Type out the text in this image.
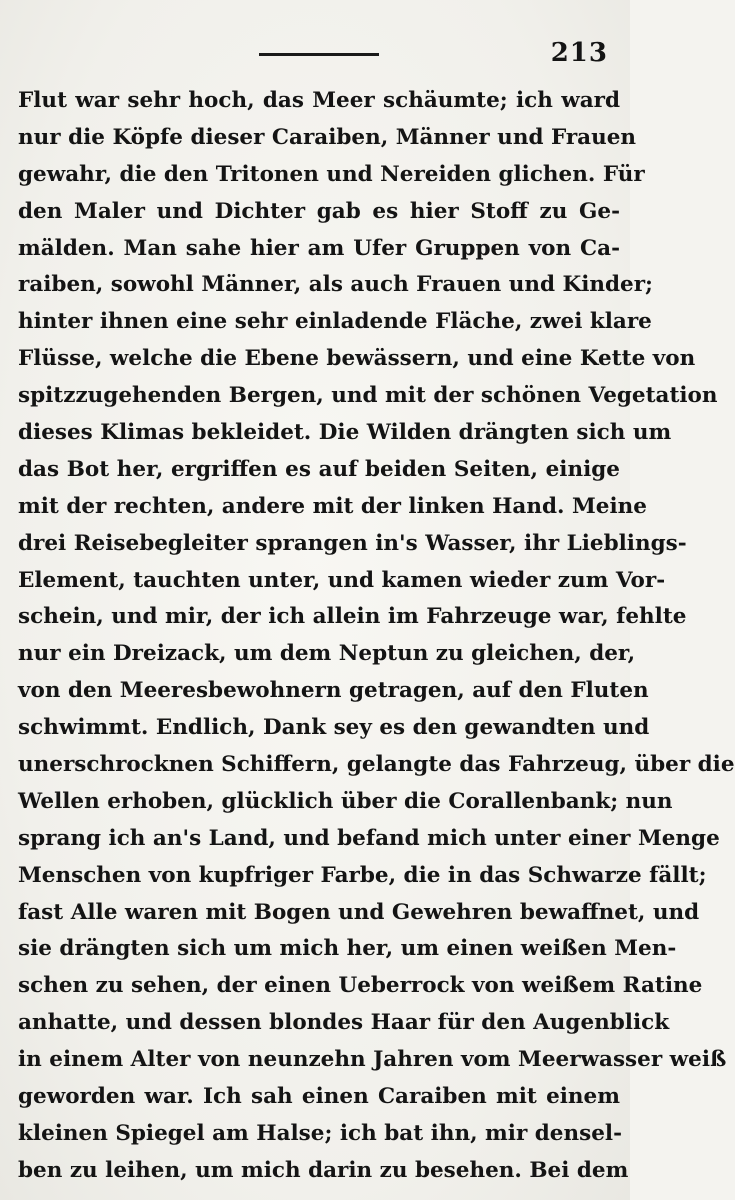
213
Flut war sehr hoch, das Meer schäumte; ich ward
nur die Köpfe dieser Caraiben, Männer und Frauen
gewahr, die den Tritonen und Nereiden glichen. Für
den Maler und Dichter gab es hier Stoff zu Ge-
mälden. Man sahe hier am Ufer Gruppen von Ca-
raiben, sowohl Männer, als auch Frauen und Kinder;
hinter ihnen eine sehr einladende Fläche, zwei klare
Flüsse, welche die Ebene bewässern, und eine Kette von
spitzzugehenden Bergen, und mit der schönen Vegetation
dieses Klimas bekleidet. Die Wilden drängten sich um
das Bot her, ergriffen es auf beiden Seiten, einige
mit der rechten, andere mit der linken Hand. Meine
drei Reisebegleiter sprangen in's Wasser, ihr Lieblings-
Element, tauchten unter, und kamen wieder zum Vor-
schein, und mir, der ich allein im Fahrzeuge war, fehlte
nur ein Dreizack, um dem Neptun zu gleichen, der,
von den Meeresbewohnern getragen, auf den Fluten
schwimmt. Endlich, Dank sey es den gewandten und
unerschrocknen Schiffern, gelangte das Fahrzeug, über die
Wellen erhoben, glücklich über die Corallenbank; nun
sprang ich an's Land, und befand mich unter einer Menge
Menschen von kupfriger Farbe, die in das Schwarze fällt;
fast Alle waren mit Bogen und Gewehren bewaffnet, und
sie drängten sich um mich her, um einen weißen Men-
schen zu sehen, der einen Ueberrock von weißem Ratine
anhatte, und dessen blondes Haar für den Augenblick
in einem Alter von neunzehn Jahren vom Meerwasser weiß
geworden war. Ich sah einen Caraiben mit einem
kleinen Spiegel am Halse; ich bat ihn, mir densel-
ben zu leihen, um mich darin zu besehen. Bei dem
